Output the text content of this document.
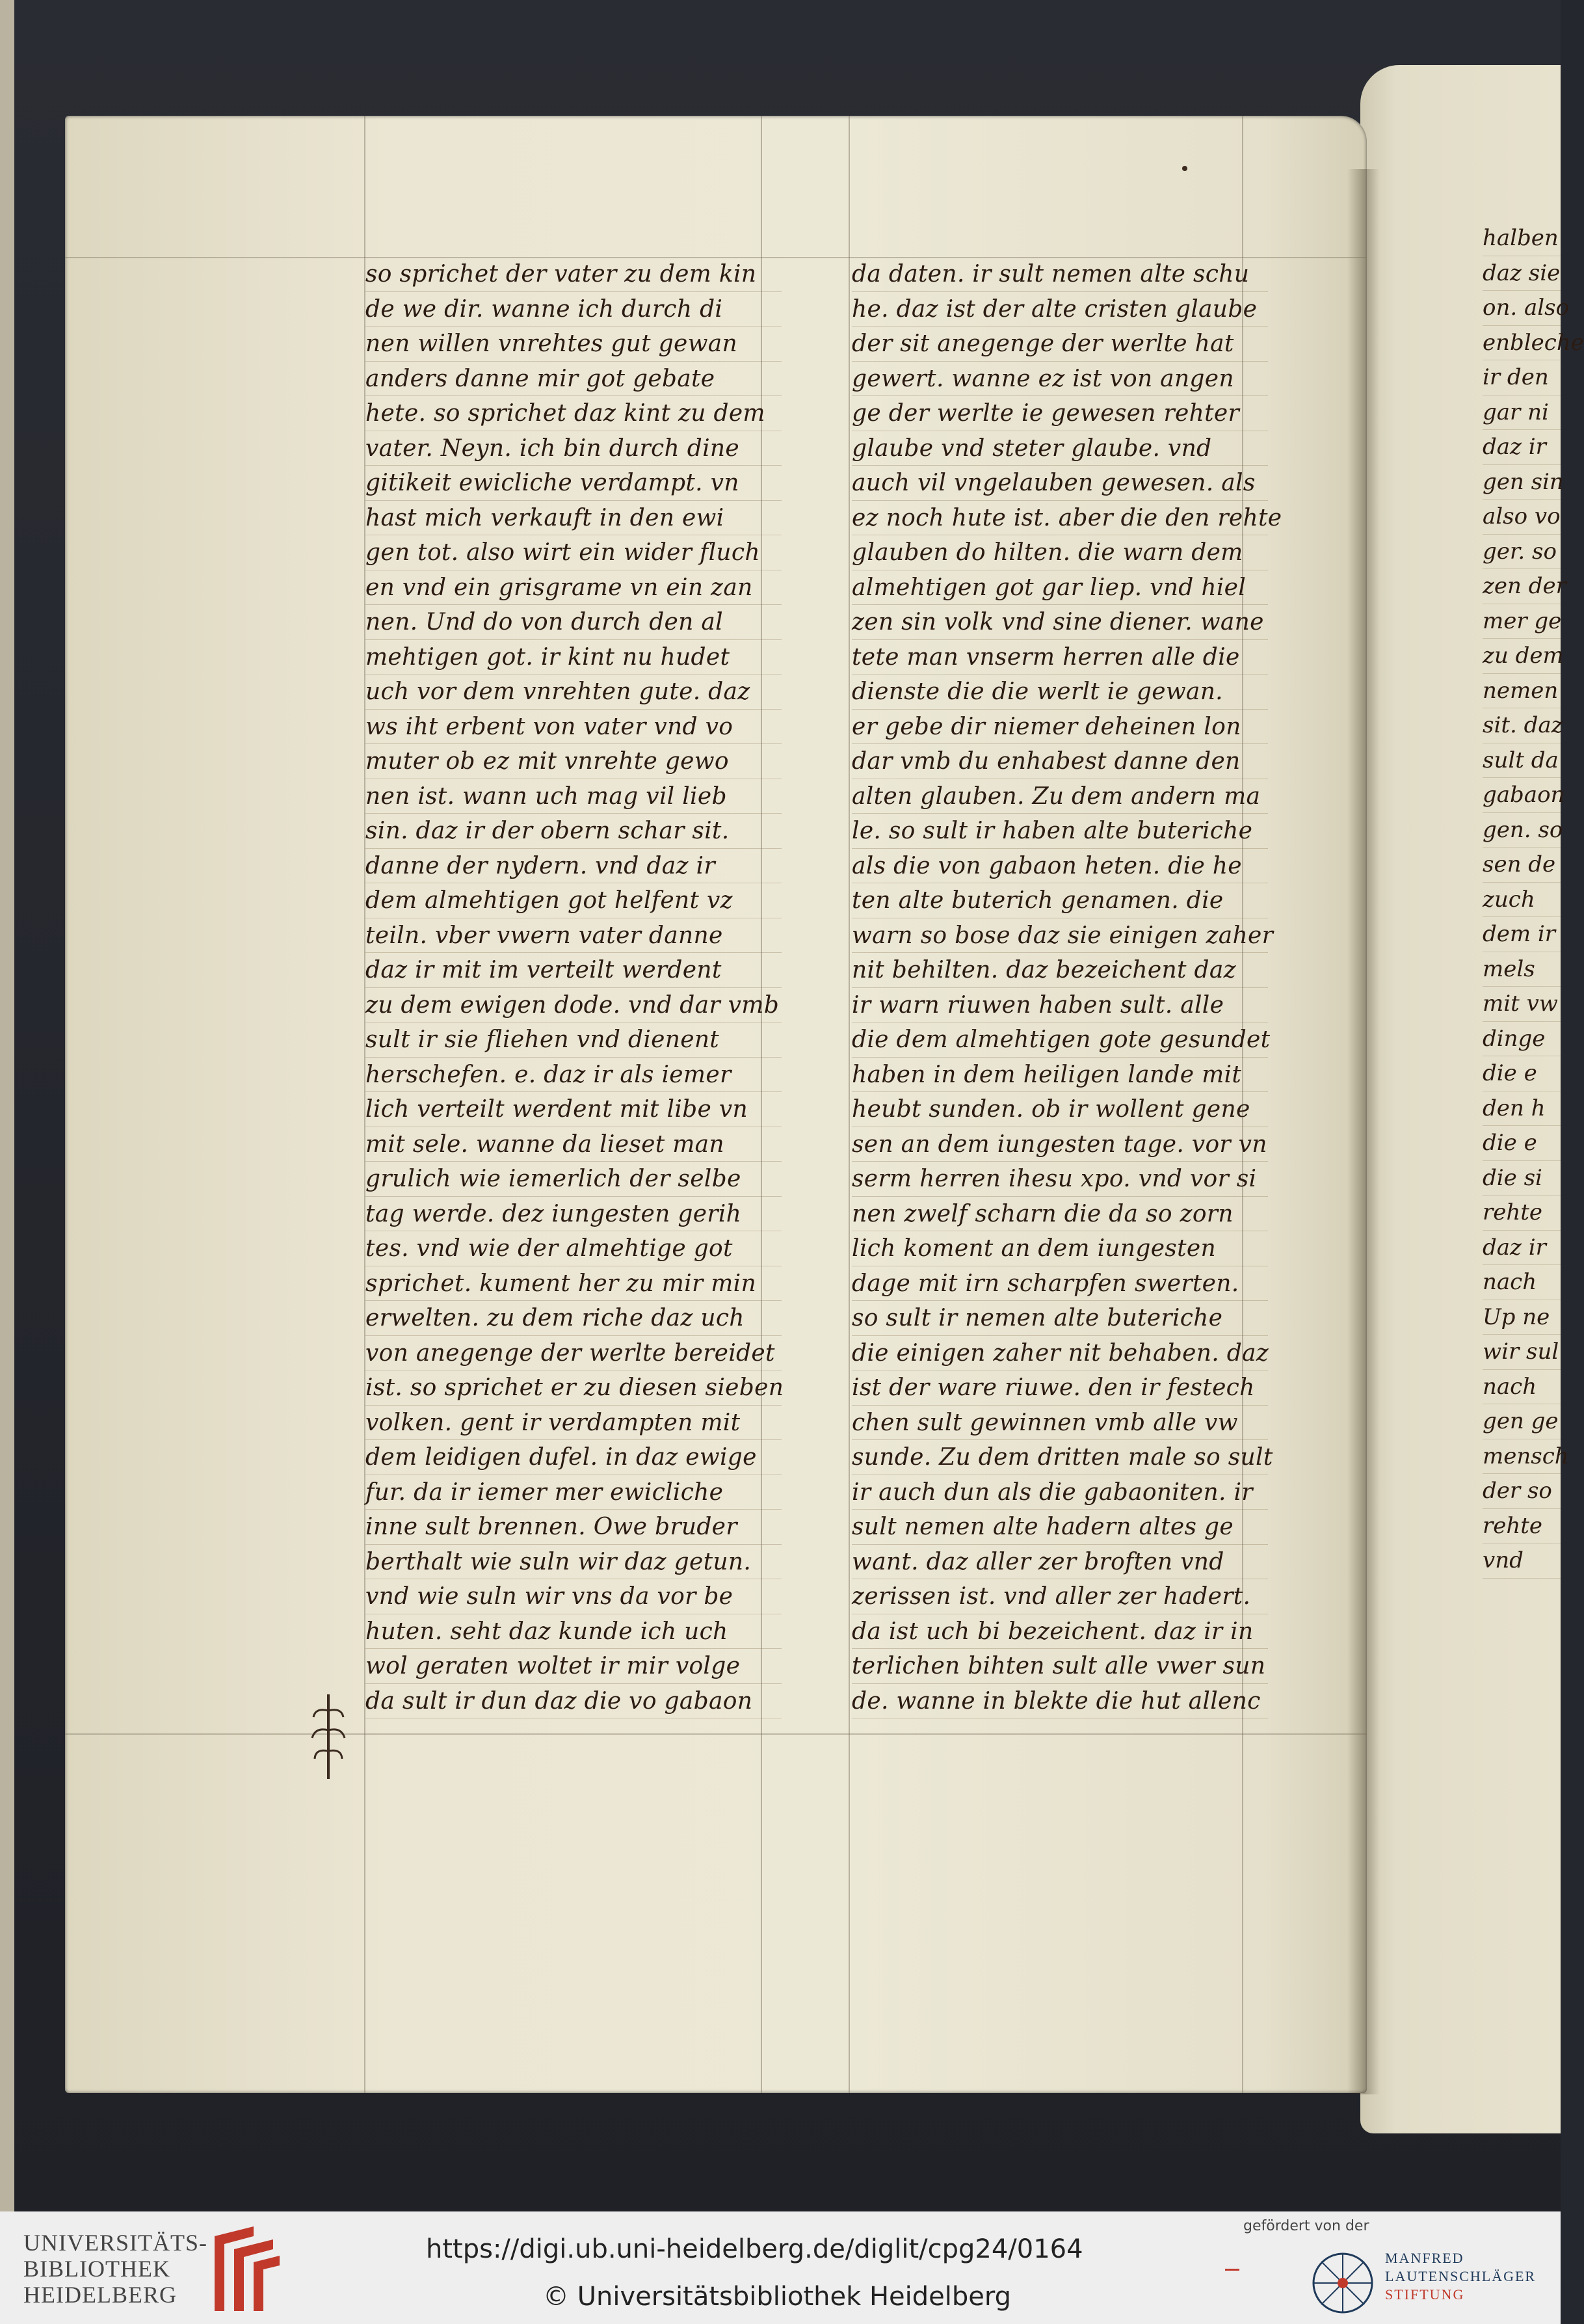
so sprichet der vater zu dem kin
de we dir. wanne ich durch di
nen willen vnrehtes gut gewan
anders danne mir got gebate
hete. so sprichet daz kint zu dem
vater. Neyn. ich bin durch dine
gitikeit ewicliche verdampt. vn
hast mich verkauft in den ewi
gen tot. also wirt ein wider fluch
en vnd ein grisgrame vn ein zan
nen. Und do von durch den al
mehtigen got. ir kint nu hudet
uch vor dem vnrehten gute. daz
ws iht erbent von vater vnd vo
muter ob ez mit vnrehte gewo
nen ist. wann uch mag vil lieb
sin. daz ir der obern schar sit.
danne der nydern. vnd daz ir
dem almehtigen got helfent vz
teiln. vber vwern vater danne
daz ir mit im verteilt werdent
zu dem ewigen dode. vnd dar vmb
sult ir sie fliehen vnd dienent
herschefen. e. daz ir als iemer
lich verteilt werdent mit libe vn
mit sele. wanne da lieset man
grulich wie iemerlich der selbe
tag werde. dez iungesten gerih
tes. vnd wie der almehtige got
sprichet. kument her zu mir min
erwelten. zu dem riche daz uch
von anegenge der werlte bereidet
ist. so sprichet er zu diesen sieben
volken. gent ir verdampten mit
dem leidigen dufel. in daz ewige
fur. da ir iemer mer ewicliche
inne sult brennen. Owe bruder
berthalt wie suln wir daz getun.
vnd wie suln wir vns da vor be
huten. seht daz kunde ich uch
wol geraten woltet ir mir volge
da sult ir dun daz die vo gabaon
da daten. ir sult nemen alte schu
he. daz ist der alte cristen glaube
der sit anegenge der werlte hat
gewert. wanne ez ist von angen
ge der werlte ie gewesen rehter
glaube vnd steter glaube. vnd
auch vil vngelauben gewesen. als
ez noch hute ist. aber die den rehte
glauben do hilten. die warn dem
almehtigen got gar liep. vnd hiel
zen sin volk vnd sine diener. wane
tete man vnserm herren alle die
dienste die die werlt ie gewan.
er gebe dir niemer deheinen lon
dar vmb du enhabest danne den
alten glauben. Zu dem andern ma
le. so sult ir haben alte buteriche
als die von gabaon heten. die he
ten alte buterich genamen. die
warn so bose daz sie einigen zaher
nit behilten. daz bezeichent daz
ir warn riuwen haben sult. alle
die dem almehtigen gote gesundet
haben in dem heiligen lande mit
heubt sunden. ob ir wollent gene
sen an dem iungesten tage. vor vn
serm herren ihesu xpo. vnd vor si
nen zwelf scharn die da so zorn
lich koment an dem iungesten
dage mit irn scharpfen swerten.
so sult ir nemen alte buteriche
die einigen zaher nit behaben. daz
ist der ware riuwe. den ir festech
chen sult gewinnen vmb alle vw
sunde. Zu dem dritten male so sult
ir auch dun als die gabaoniten. ir
sult nemen alte hadern altes ge
want. daz aller zer broften vnd
zerissen ist. vnd aller zer hadert.
da ist uch bi bezeichent. daz ir in
terlichen bihten sult alle vwer sun
de. wanne in blekte die hut allenc
halben
daz sie
on. also
enbleche
ir den
gar ni
daz ir
gen sin
also vo
ger. so
zen der
mer ge
zu dem
nemen
sit. daz
sult da
gabaon
gen. so
sen de
zuch
dem ir
mels
mit vw
dinge
die e
den h
die e
die si
rehte
daz ir
nach
Up ne
wir sul
nach
gen ge
mensch
der so
rehte
vnd
UNIVERSITÄTS-
BIBLIOTHEK
HEIDELBERG
https://digi.ub.uni-heidelberg.de/diglit/cpg24/0164
© Universitätsbibliothek Heidelberg
gefördert von der
MANFRED
LAUTENSCHLÄGER
STIFTUNG
